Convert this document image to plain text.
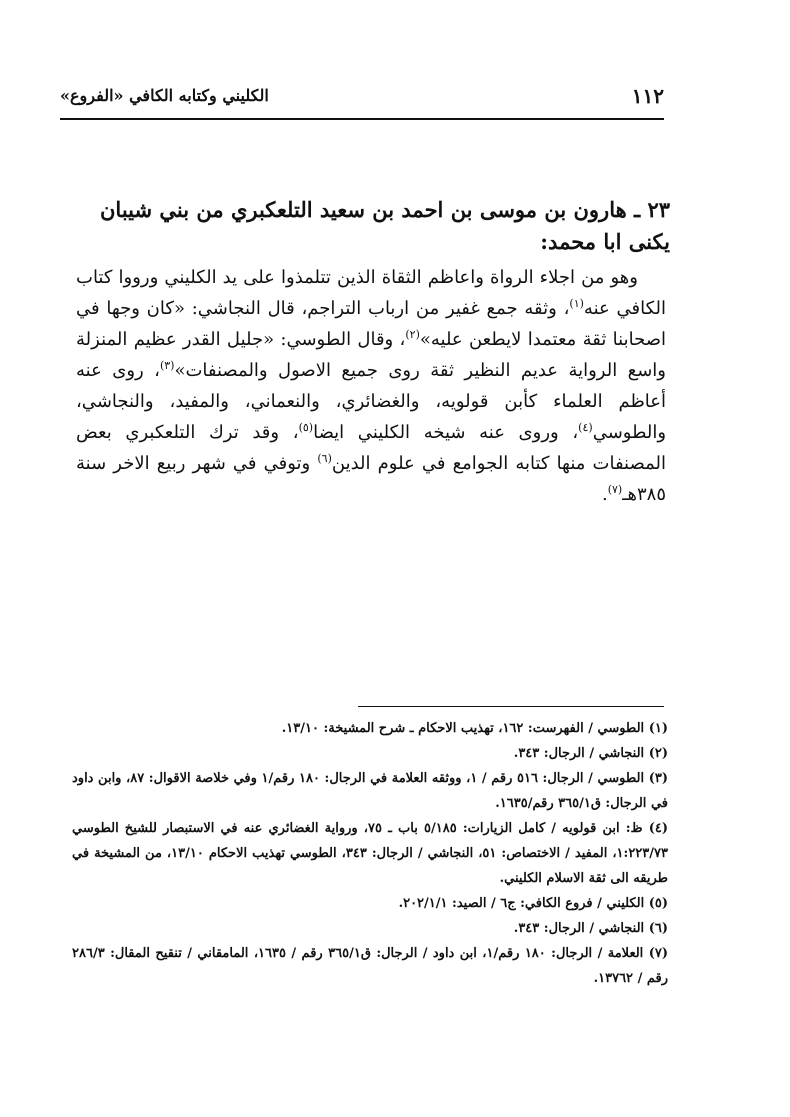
١١٢
الكليني وكتابه الكافي «الفروع»
٢٣ ـ هارون بن موسى بن احمد بن سعيد التلعكبري من بني شيبان يكنى ابا محمد:

وهو من اجلاء الرواة واعاظم الثقاة الذين تتلمذوا على يد الكليني ورووا كتاب الكافي عنه$^{(١)}$، وثقه جمع غفير من ارباب التراجم، قال النجاشي: «كان وجها في اصحابنا ثقة معتمدا لايطعن عليه»$^{(٢)}$، وقال الطوسي: «جليل القدر عظيم المنزلة واسع الرواية عديم النظير ثقة روى جميع الاصول والمصنفات»$^{(٣)}$، روى عنه أعاظم العلماء كأبن قولويه، والغضائري، والنعماني، والمفيد، والنجاشي، والطوسي$^{(٤)}$، وروى عنه شيخه الكليني ايضا$^{(٥)}$، وقد ترك التلعكبري بعض المصنفات منها كتابه الجوامع في علوم الدين$^{(٦)}$ وتوفي في شهر ربيع الاخر سنة ٣٨٥هـ$^{(٧)}$.

(١) الطوسي / الفهرست: ١٦٢، تهذيب الاحكام ـ شرح المشيخة: ١٣/١٠.
(٢) النجاشي / الرجال: ٣٤٣.
(٣) الطوسي / الرجال: ٥١٦ رقم / ١، ووثقه العلامة في الرجال: ١٨٠ رقم/١ وفي خلاصة الاقوال: ٨٧، وابن داود في الرجال: ق٣٦٥/١ رقم/١٦٣٥.
(٤) ظ: ابن قولويه / كامل الزيارات: ٥/١٨٥ باب ـ ٧٥، ورواية الغضائري عنه في الاستبصار للشيخ الطوسي ١:٢٢٣/٧٣، المفيد / الاختصاص: ٥١، النجاشي / الرجال: ٣٤٣، الطوسي تهذيب الاحكام ١٣/١٠، من المشيخة في طريقه الى ثقة الاسلام الكليني.
(٥) الكليني / فروع الكافي: ج٦ / الصيد: ٢٠٢/١/١.
(٦) النجاشي / الرجال: ٣٤٣.
(٧) العلامة / الرجال: ١٨٠ رقم/١، ابن داود / الرجال: ق٣٦٥/١ رقم / ١٦٣٥، المامقاني / تنقيح المقال: ٢٨٦/٣ رقم / ١٣٧٦٢.
